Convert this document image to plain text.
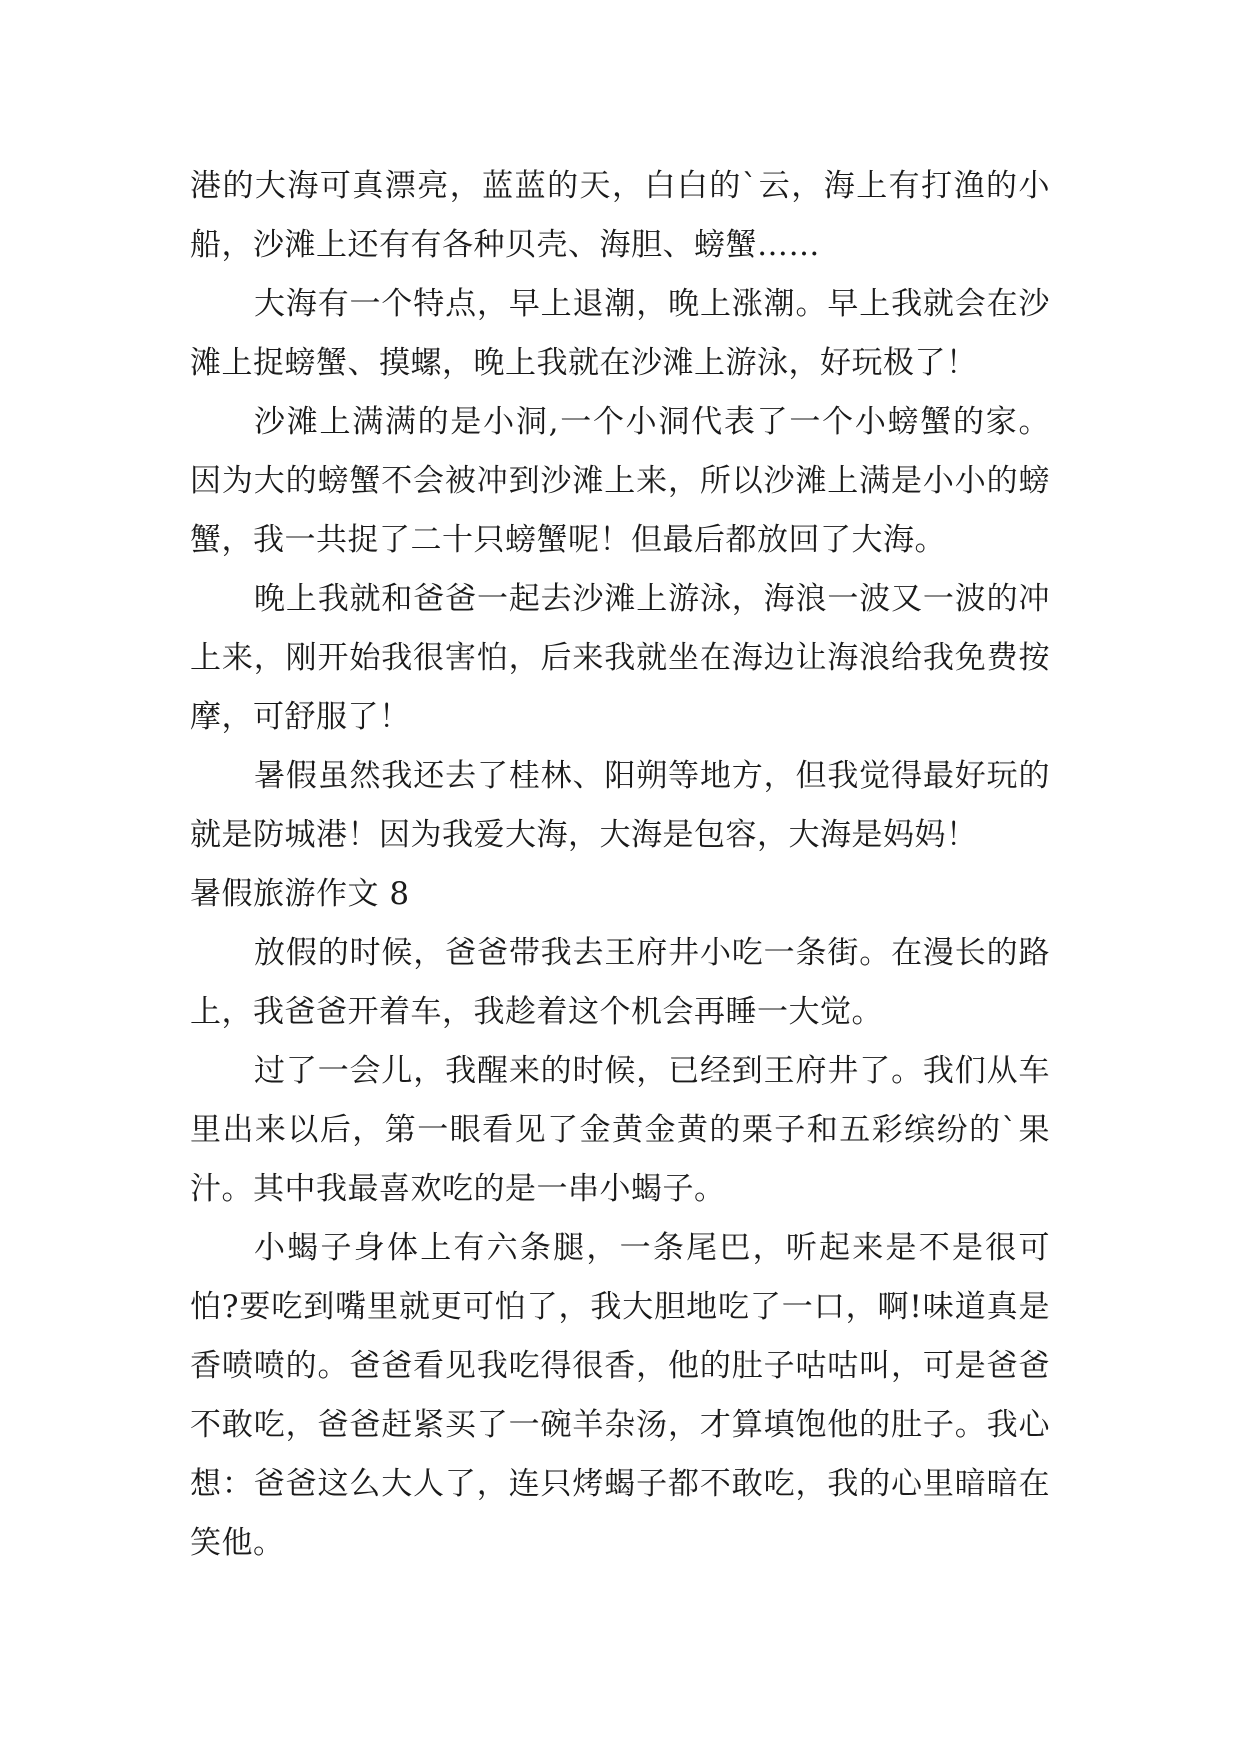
港的大海可真漂亮，蓝蓝的天，白白的`云，海上有打渔的小船，沙滩上还有有各种贝壳、海胆、螃蟹……

大海有一个特点，早上退潮，晚上涨潮。早上我就会在沙滩上捉螃蟹、摸螺，晚上我就在沙滩上游泳，好玩极了！

沙滩上满满的是小洞,一个小洞代表了一个小螃蟹的家。因为大的螃蟹不会被冲到沙滩上来，所以沙滩上满是小小的螃蟹，我一共捉了二十只螃蟹呢！但最后都放回了大海。

晚上我就和爸爸一起去沙滩上游泳，海浪一波又一波的冲上来，刚开始我很害怕，后来我就坐在海边让海浪给我免费按摩，可舒服了！

暑假虽然我还去了桂林、阳朔等地方，但我觉得最好玩的就是防城港！因为我爱大海，大海是包容，大海是妈妈！

暑假旅游作文 8

放假的时候，爸爸带我去王府井小吃一条街。在漫长的路上，我爸爸开着车，我趁着这个机会再睡一大觉。

过了一会儿，我醒来的时候，已经到王府井了。我们从车里出来以后，第一眼看见了金黄金黄的栗子和五彩缤纷的`果汁。其中我最喜欢吃的是一串小蝎子。

小蝎子身体上有六条腿，一条尾巴，听起来是不是很可怕?要吃到嘴里就更可怕了，我大胆地吃了一口，啊!味道真是香喷喷的。爸爸看见我吃得很香，他的肚子咕咕叫，可是爸爸不敢吃，爸爸赶紧买了一碗羊杂汤，才算填饱他的肚子。我心想：爸爸这么大人了，连只烤蝎子都不敢吃，我的心里暗暗在笑他。
